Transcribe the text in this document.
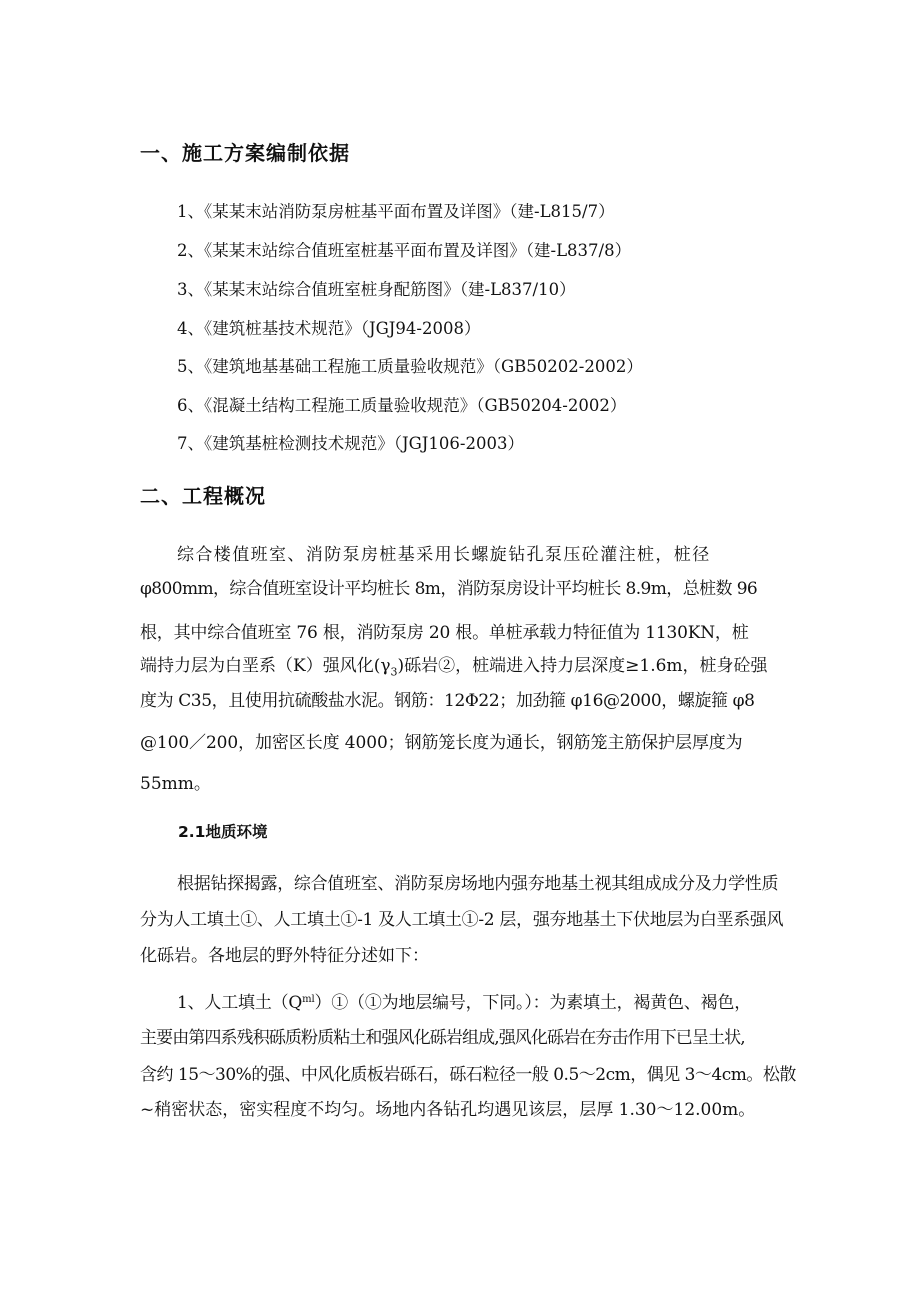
一、施工方案编制依据
1、《某某末站消防泵房桩基平面布置及详图》（建-L815/7）
2、《某某末站综合值班室桩基平面布置及详图》（建-L837/8）
3、《某某末站综合值班室桩身配筋图》（建-L837/10）
4、《建筑桩基技术规范》（JGJ94-2008）
5、《建筑地基基础工程施工质量验收规范》（GB50202-2002）
6、《混凝土结构工程施工质量验收规范》（GB50204-2002）
7、《建筑基桩检测技术规范》（JGJ106-2003）
二、工程概况
综合楼值班室、消防泵房桩基采用长螺旋钻孔泵压砼灌注桩，桩径
φ800mm，综合值班室设计平均桩长 8m，消防泵房设计平均桩长 8.9m，总桩数 96
根，其中综合值班室 76 根，消防泵房 20 根。单桩承载力特征值为 1130KN，桩
端持力层为白垩系（K）强风化$(\gamma_3)$砾岩②，桩端进入持力层深度≥1.6m，桩身砼强
度为 C35，且使用抗硫酸盐水泥。钢筋：12Φ22；加劲箍 φ16@2000，螺旋箍 φ8
@100／200，加密区长度 4000；钢筋笼长度为通长，钢筋笼主筋保护层厚度为
55mm。
2.1地质环境
根据钻探揭露，综合值班室、消防泵房场地内强夯地基土视其组成成分及力学性质
分为人工填土①、人工填土①-1 及人工填土①-2 层，强夯地基土下伏地层为白垩系强风
化砾岩。各地层的野外特征分述如下：
1、人工填土$(Q^{ml})①(①$为地层编号，下同。）：为素填土，褐黄色、褐色，
主要由第四系残积砾质粉质粘土和强风化砾岩组成,强风化砾岩在夯击作用下已呈土状,
含约 15～30%的强、中风化质板岩砾石，砾石粒径一般 0.5～2cm，偶见 3～4cm。松散
~稍密状态，密实程度不均匀。场地内各钻孔均遇见该层，层厚 1.30～12.00m。
